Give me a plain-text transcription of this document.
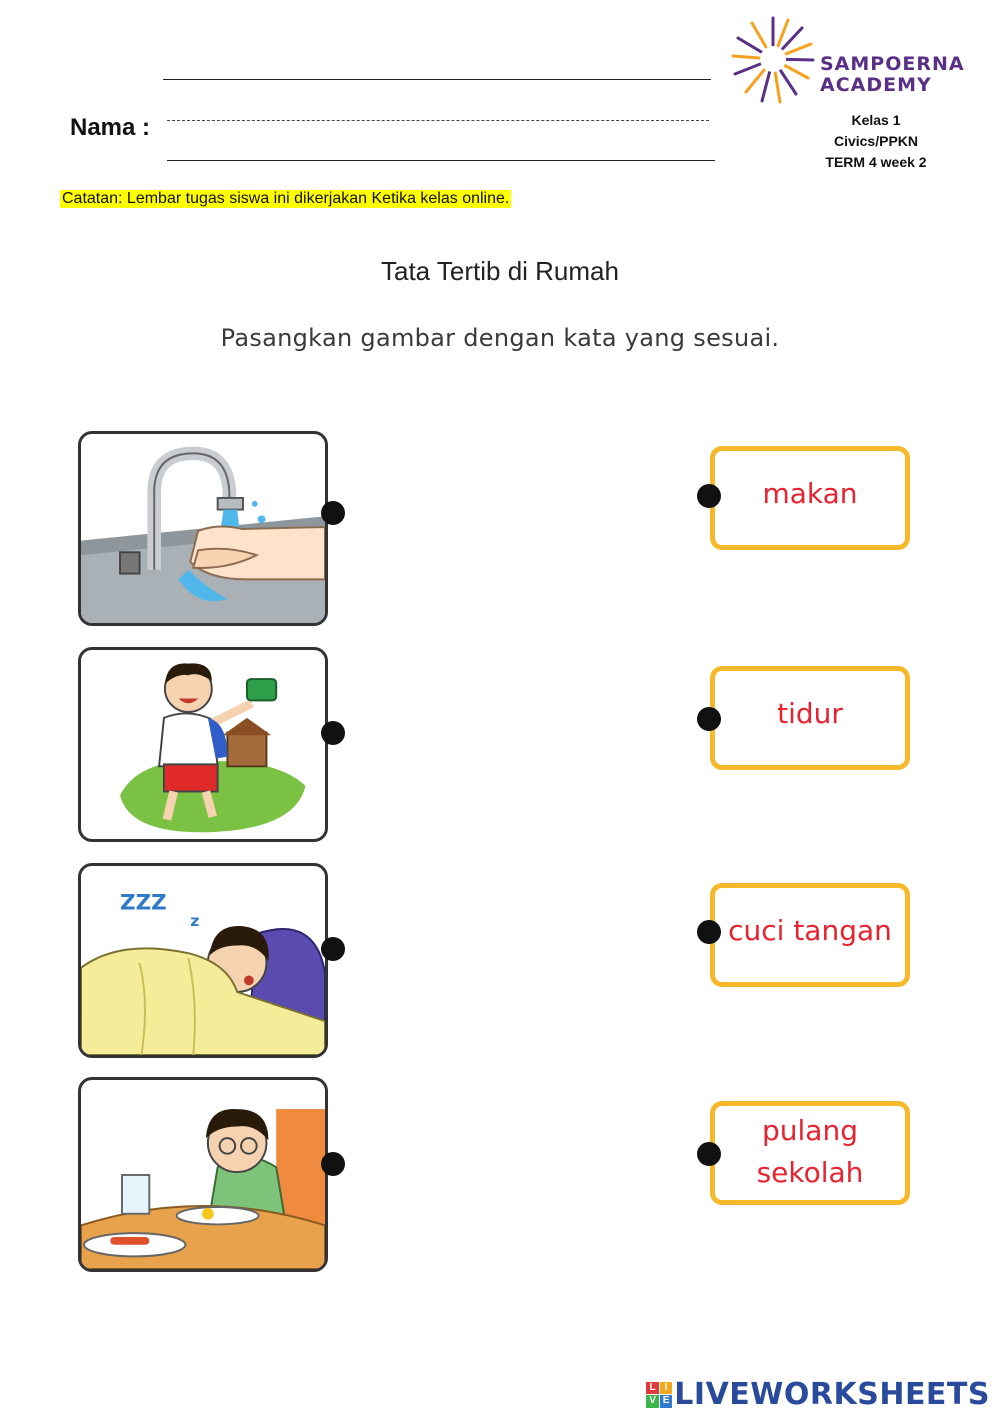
Nama :
SAMPOERNA
ACADEMY
Kelas 1
Civics/PPKN
TERM 4 week 2
Catatan: Lembar tugas siswa ini dikerjakan Ketika kelas online.
Tata Tertib di Rumah
Pasangkan gambar dengan kata yang sesuai.
ZZZ
z
makan
tidur
cuci tangan
pulang
sekolah
L I
V E LIVEWORKSHEETS
